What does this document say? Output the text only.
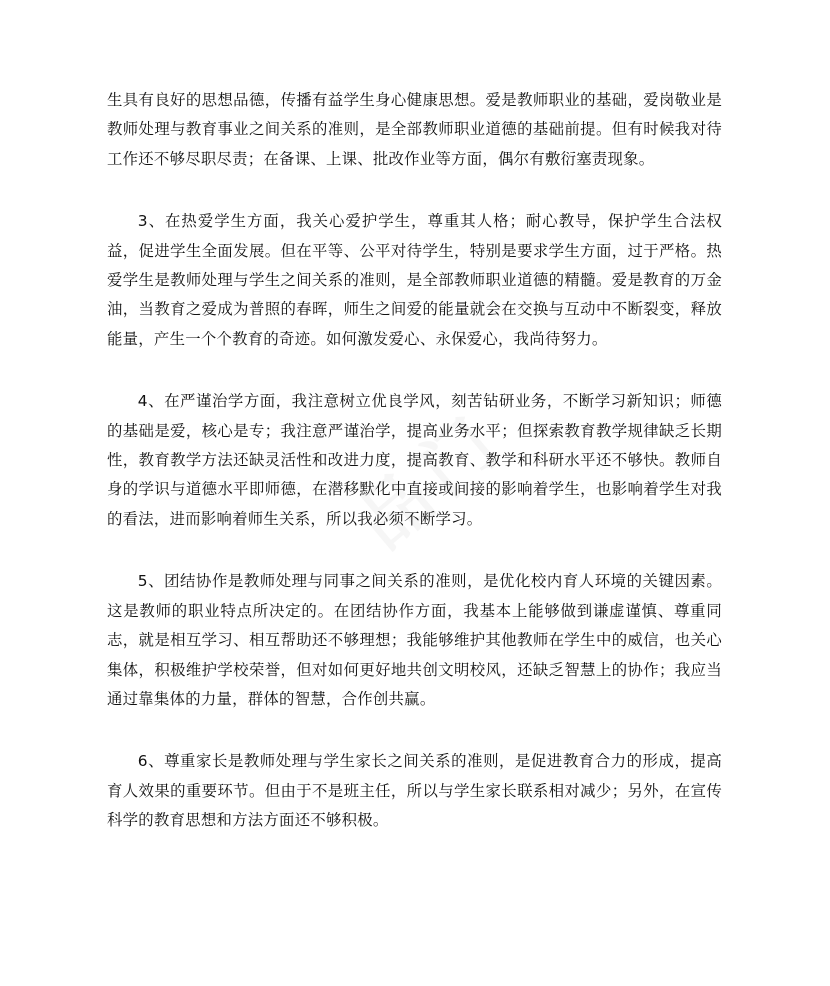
生具有良好的思想品德，传播有益学生身心健康思想。爱是教师职业的基础，爱岗敬业是教师处理与教育事业之间关系的准则，是全部教师职业道德的基础前提。但有时候我对待工作还不够尽职尽责；在备课、上课、批改作业等方面，偶尔有敷衍塞责现象。

3、在热爱学生方面，我关心爱护学生，尊重其人格；耐心教导，保护学生合法权益，促进学生全面发展。但在平等、公平对待学生，特别是要求学生方面，过于严格。热爱学生是教师处理与学生之间关系的准则，是全部教师职业道德的精髓。爱是教育的万金油，当教育之爱成为普照的春晖，师生之间爱的能量就会在交换与互动中不断裂变，释放能量，产生一个个教育的奇迹。如何激发爱心、永保爱心，我尚待努力。

4、在严谨治学方面，我注意树立优良学风，刻苦钻研业务，不断学习新知识；师德的基础是爱，核心是专；我注意严谨治学，提高业务水平；但探索教育教学规律缺乏长期性，教育教学方法还缺灵活性和改进力度，提高教育、教学和科研水平还不够快。教师自身的学识与道德水平即师德，在潜移默化中直接或间接的影响着学生，也影响着学生对我的看法，进而影响着师生关系，所以我必须不断学习。

5、团结协作是教师处理与同事之间关系的准则，是优化校内育人环境的关键因素。这是教师的职业特点所决定的。在团结协作方面，我基本上能够做到谦虚谨慎、尊重同志，就是相互学习、相互帮助还不够理想；我能够维护其他教师在学生中的威信，也关心集体，积极维护学校荣誉，但对如何更好地共创文明校风，还缺乏智慧上的协作；我应当通过靠集体的力量，群体的智慧，合作创共赢。

6、尊重家长是教师处理与学生家长之间关系的准则，是促进教育合力的形成，提高育人效果的重要环节。但由于不是班主任，所以与学生家长联系相对减少；另外，在宣传科学的教育思想和方法方面还不够积极。
